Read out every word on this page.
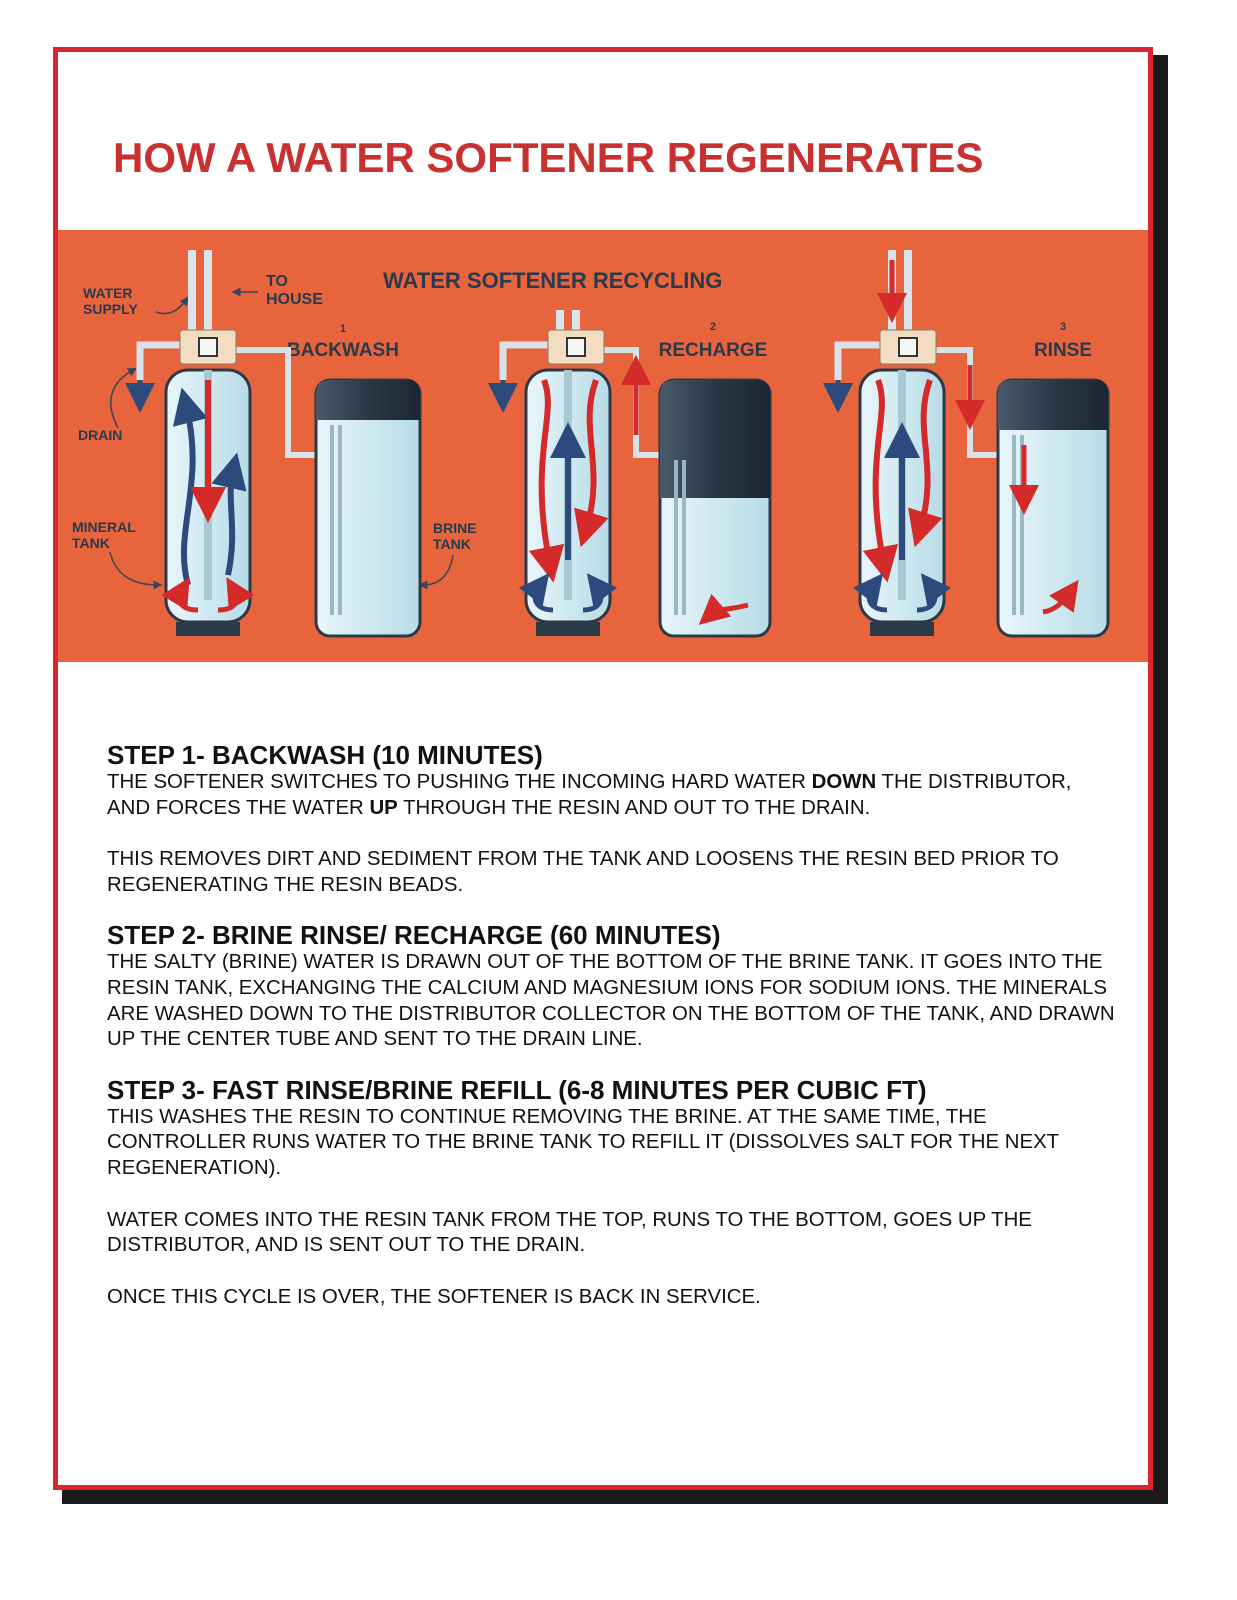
HOW A WATER SOFTENER REGENERATES
WATER SOFTENER RECYCLING
WATER
SUPPLY
TO
HOUSE
DRAIN
MINERAL
TANK
BRINE
TANK
1
BACKWASH
2
RECHARGE
3
RINSE
STEP 1- BACKWASH (10 MINUTES)

THE SOFTENER SWITCHES TO PUSHING THE INCOMING HARD WATER DOWN THE DISTRIBUTOR, AND FORCES THE WATER UP THROUGH THE RESIN AND OUT TO THE DRAIN.

THIS REMOVES DIRT AND SEDIMENT FROM THE TANK AND LOOSENS THE RESIN BED PRIOR TO REGENERATING THE RESIN BEADS.

STEP 2- BRINE RINSE/ RECHARGE (60 MINUTES)

THE SALTY (BRINE) WATER IS DRAWN OUT OF THE BOTTOM OF THE BRINE TANK. IT GOES INTO THE RESIN TANK, EXCHANGING THE CALCIUM AND MAGNESIUM IONS FOR SODIUM IONS. THE MINERALS ARE WASHED DOWN TO THE DISTRIBUTOR COLLECTOR ON THE BOTTOM OF THE TANK, AND DRAWN UP THE CENTER TUBE AND SENT TO THE DRAIN LINE.

STEP 3- FAST RINSE/BRINE REFILL (6-8 MINUTES PER CUBIC FT)

THIS WASHES THE RESIN TO CONTINUE REMOVING THE BRINE. AT THE SAME TIME, THE CONTROLLER RUNS WATER TO THE BRINE TANK TO REFILL IT (DISSOLVES SALT FOR THE NEXT REGENERATION).

WATER COMES INTO THE RESIN TANK FROM THE TOP, RUNS TO THE BOTTOM, GOES UP THE DISTRIBUTOR, AND IS SENT OUT TO THE DRAIN.

ONCE THIS CYCLE IS OVER, THE SOFTENER IS BACK IN SERVICE.
